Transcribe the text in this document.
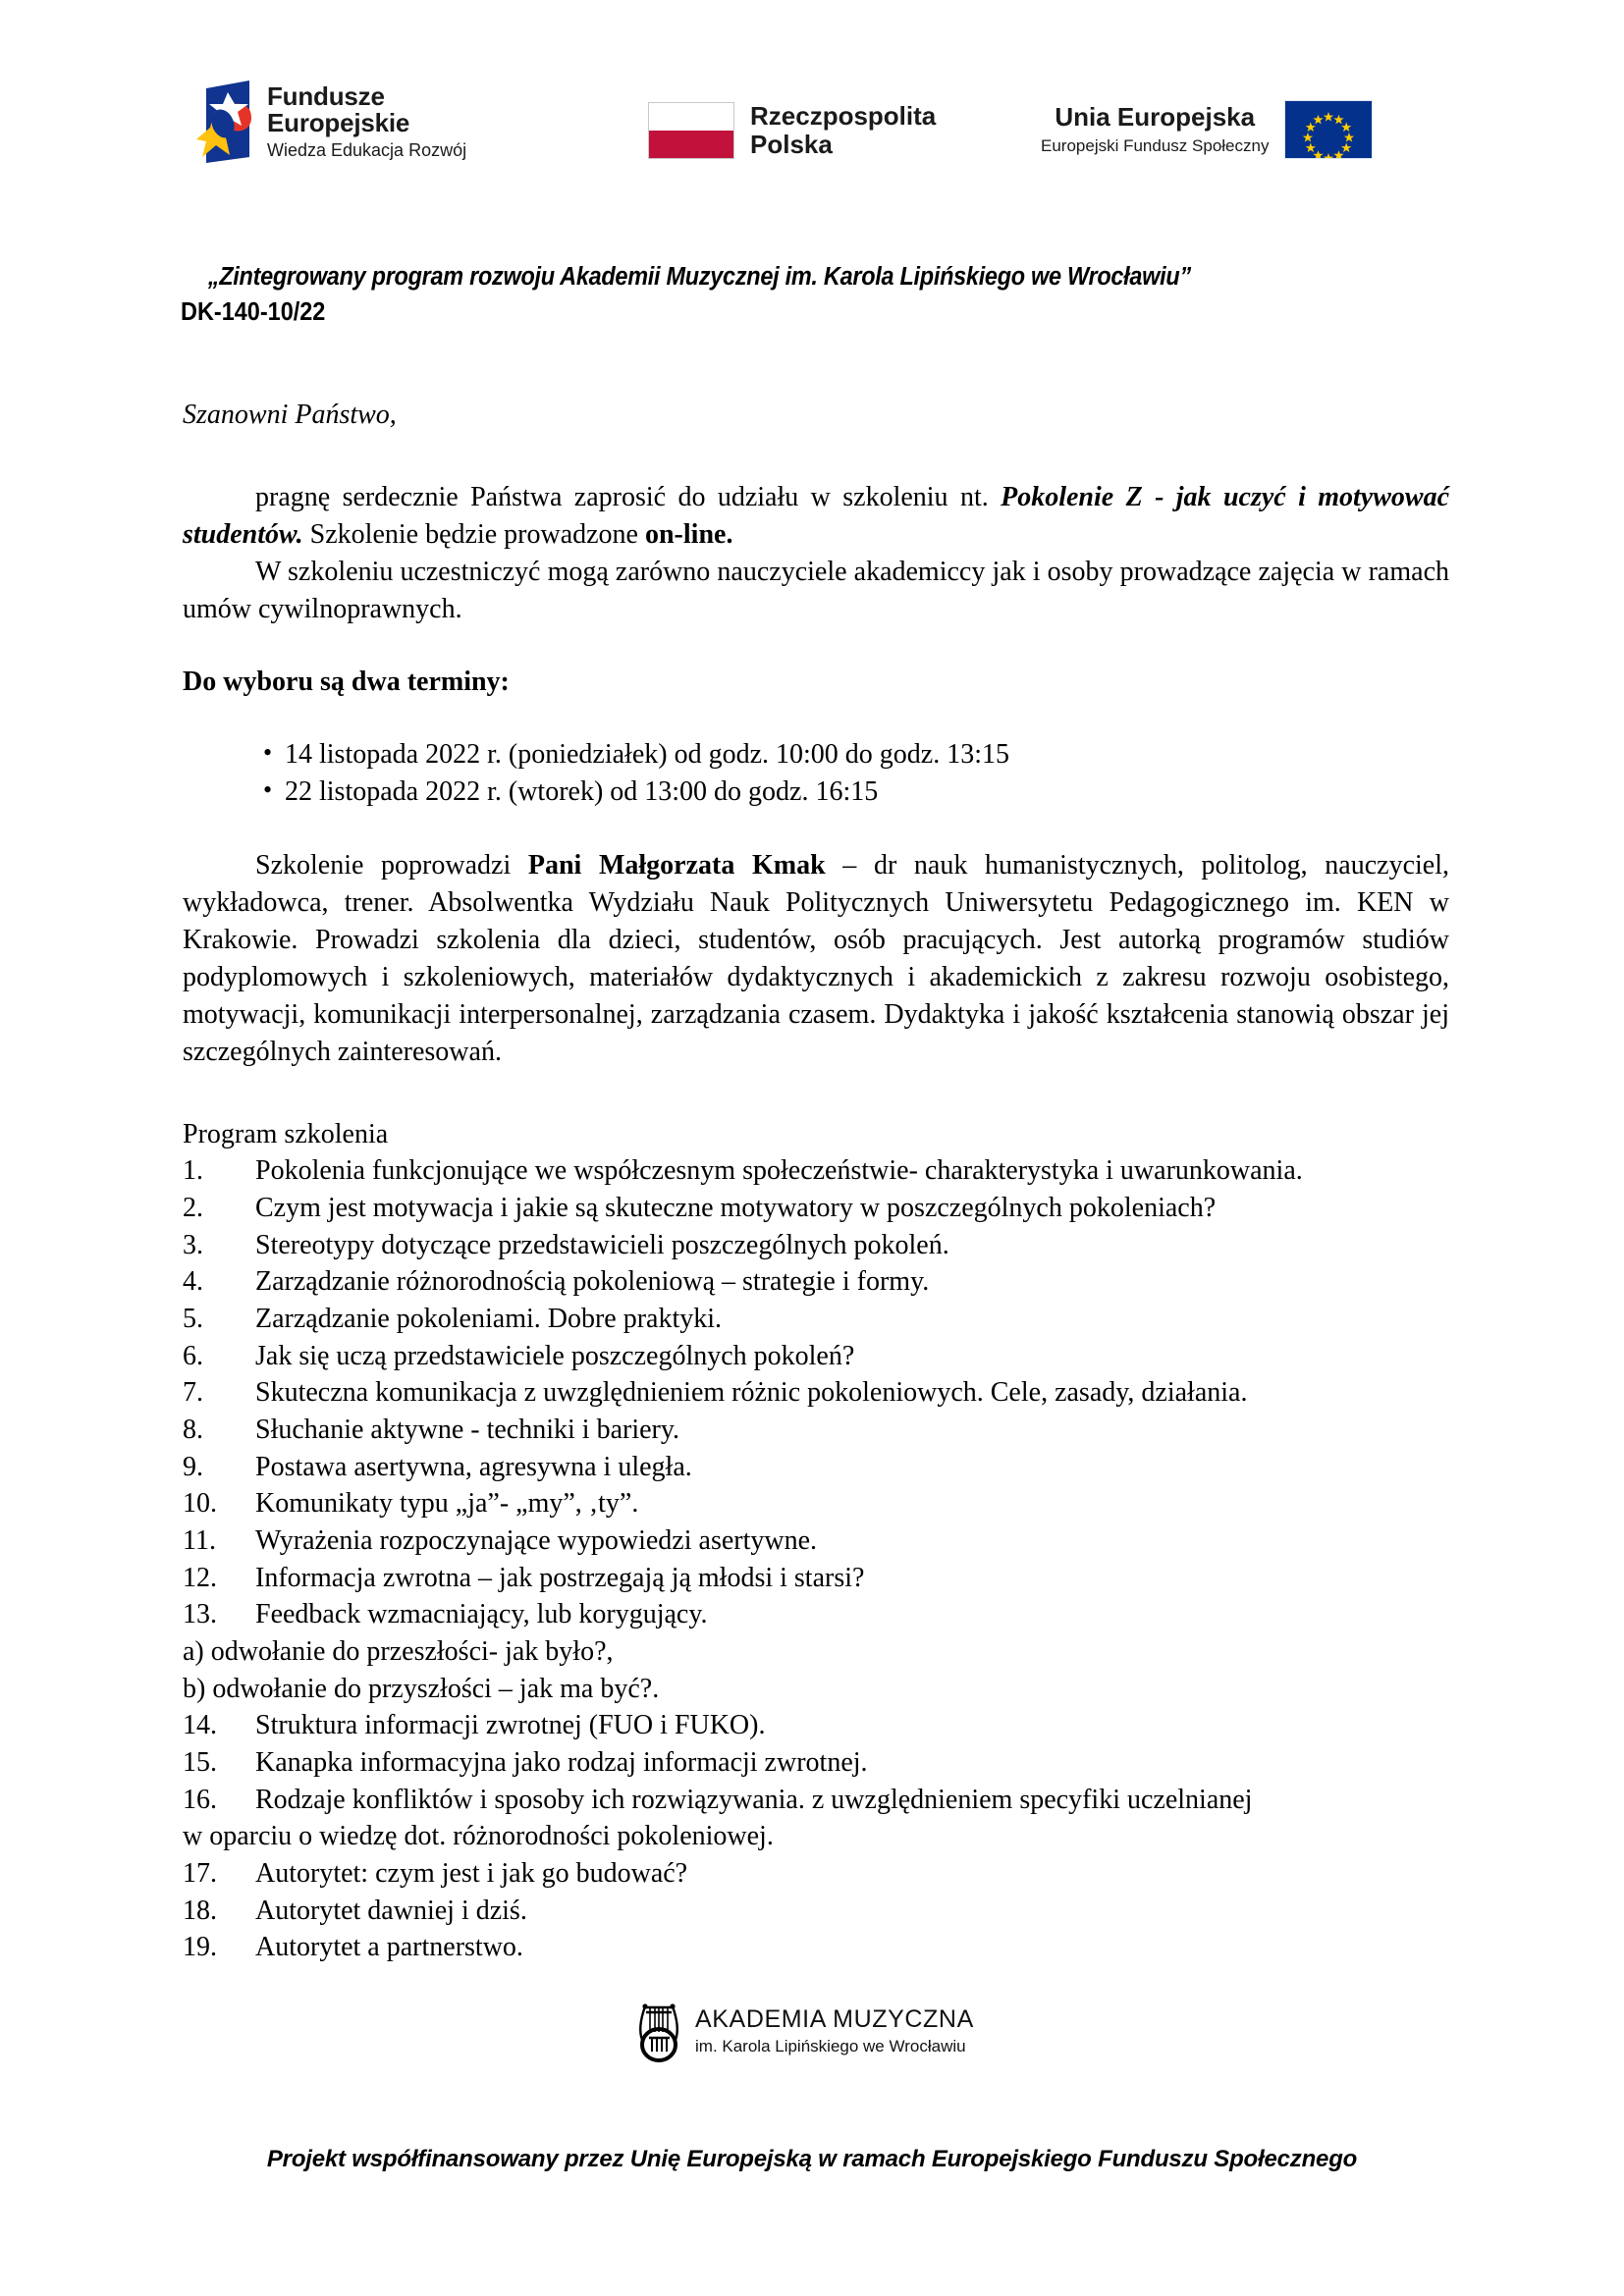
Fundusze
Europejskie
Wiedza Edukacja Rozwój
Rzeczpospolita
Polska
Unia Europejska
Europejski Fundusz Społeczny
„Zintegrowany program rozwoju Akademii Muzycznej im. Karola Lipińskiego we Wrocławiu”
DK-140-10/22
Szanowni Państwo,

pragnę serdecznie Państwa zaprosić do udziału w szkoleniu nt. Pokolenie Z - jak uczyć i motywować studentów. Szkolenie będzie prowadzone on-line.

W szkoleniu uczestniczyć mogą zarówno nauczyciele akademiccy jak i osoby prowadzące zajęcia w ramach umów cywilnoprawnych.

Do wyboru są dwa terminy:

• 14 listopada 2022 r. (poniedziałek) od godz. 10:00 do godz. 13:15
• 22 listopada 2022 r. (wtorek) od 13:00 do godz. 16:15

Szkolenie poprowadzi Pani Małgorzata Kmak – dr nauk humanistycznych, politolog, nauczyciel, wykładowca, trener. Absolwentka Wydziału Nauk Politycznych Uniwersytetu Pedagogicznego im. KEN w Krakowie. Prowadzi szkolenia dla dzieci, studentów, osób pracujących. Jest autorką programów studiów podyplomowych i szkoleniowych, materiałów dydaktycznych i akademickich z zakresu rozwoju osobistego, motywacji, komunikacji interpersonalnej, zarządzania czasem. Dydaktyka i jakość kształcenia stanowią obszar jej szczególnych zainteresowań.

Program szkolenia

1.	Pokolenia funkcjonujące we współczesnym społeczeństwie- charakterystyka i uwarunkowania.
2.	Czym jest motywacja i jakie są skuteczne motywatory w poszczególnych pokoleniach?
3.	Stereotypy dotyczące przedstawicieli poszczególnych pokoleń.
4.	Zarządzanie różnorodnością pokoleniową – strategie i formy.
5.	Zarządzanie pokoleniami. Dobre praktyki.
6.	Jak się uczą przedstawiciele poszczególnych pokoleń?
7.	Skuteczna komunikacja z uwzględnieniem różnic pokoleniowych. Cele, zasady, działania.
8.	Słuchanie aktywne - techniki i bariery.
9.	Postawa asertywna, agresywna i uległa.
10.	Komunikaty typu „ja”- „my”, ‚ty”.
11.	Wyrażenia rozpoczynające wypowiedzi asertywne.
12.	Informacja zwrotna – jak postrzegają ją młodsi i starsi?
13.	Feedback wzmacniający, lub korygujący.

a) odwołanie do przeszłości- jak było?,

b) odwołanie do przyszłości – jak ma być?.

14.	Struktura informacji zwrotnej (FUO i FUKO).
15.	Kanapka informacyjna jako rodzaj informacji zwrotnej.
16.	Rodzaje konfliktów i sposoby ich rozwiązywania. z uwzględnieniem specyfiki uczelnianej

w oparciu o wiedzę dot. różnorodności pokoleniowej.

17.	Autorytet: czym jest i jak go budować?
18.	Autorytet dawniej i dziś.
19.	Autorytet a partnerstwo.
AKADEMIA MUZYCZNA
im. Karola Lipińskiego we Wrocławiu
Projekt współfinansowany przez Unię Europejską w ramach Europejskiego Funduszu Społecznego
